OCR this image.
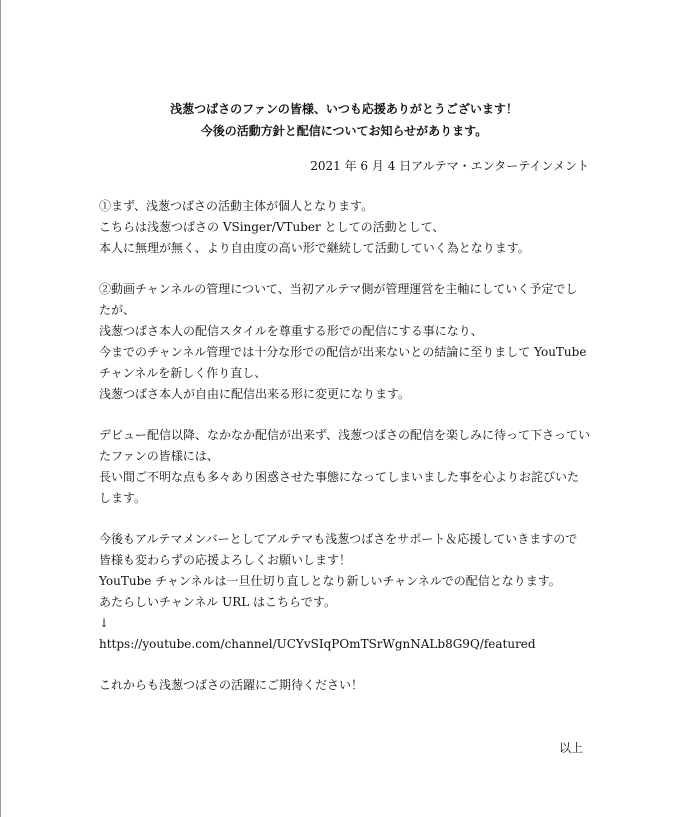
浅葱つばさのファンの皆様、いつも応援ありがとうございます！

今後の活動方針と配信についてお知らせがあります。

2021 年 6 月 4 日アルテマ・エンターテインメント
①まず、浅葱つばさの活動主体が個人となります。
こちらは浅葱つばさの VSinger/VTuber としての活動として、
本人に無理が無く、より自由度の高い形で継続して活動していく為となります。
②動画チャンネルの管理について、当初アルテマ側が管理運営を主軸にしていく予定でし
たが、
浅葱つばさ本人の配信スタイルを尊重する形での配信にする事になり、
今までのチャンネル管理では十分な形での配信が出来ないとの結論に至りまして YouTube
チャンネルを新しく作り直し、
浅葱つばさ本人が自由に配信出来る形に変更になります。
デビュー配信以降、なかなか配信が出来ず、浅葱つばさの配信を楽しみに待って下さってい
たファンの皆様には、
長い間ご不明な点も多々あり困惑させた事態になってしまいました事を心よりお詫びいた
します。
今後もアルテマメンバーとしてアルテマも浅葱つばさをサポート＆応援していきますので
皆様も変わらずの応援よろしくお願いします！
YouTube チャンネルは一旦仕切り直しとなり新しいチャンネルでの配信となります。
あたらしいチャンネル URL はこちらです。
↓
https://youtube.com/channel/UCYvSIqPOmTSrWgnNALb8G9Q/featured
これからも浅葱つばさの活躍にご期待ください！
以上
